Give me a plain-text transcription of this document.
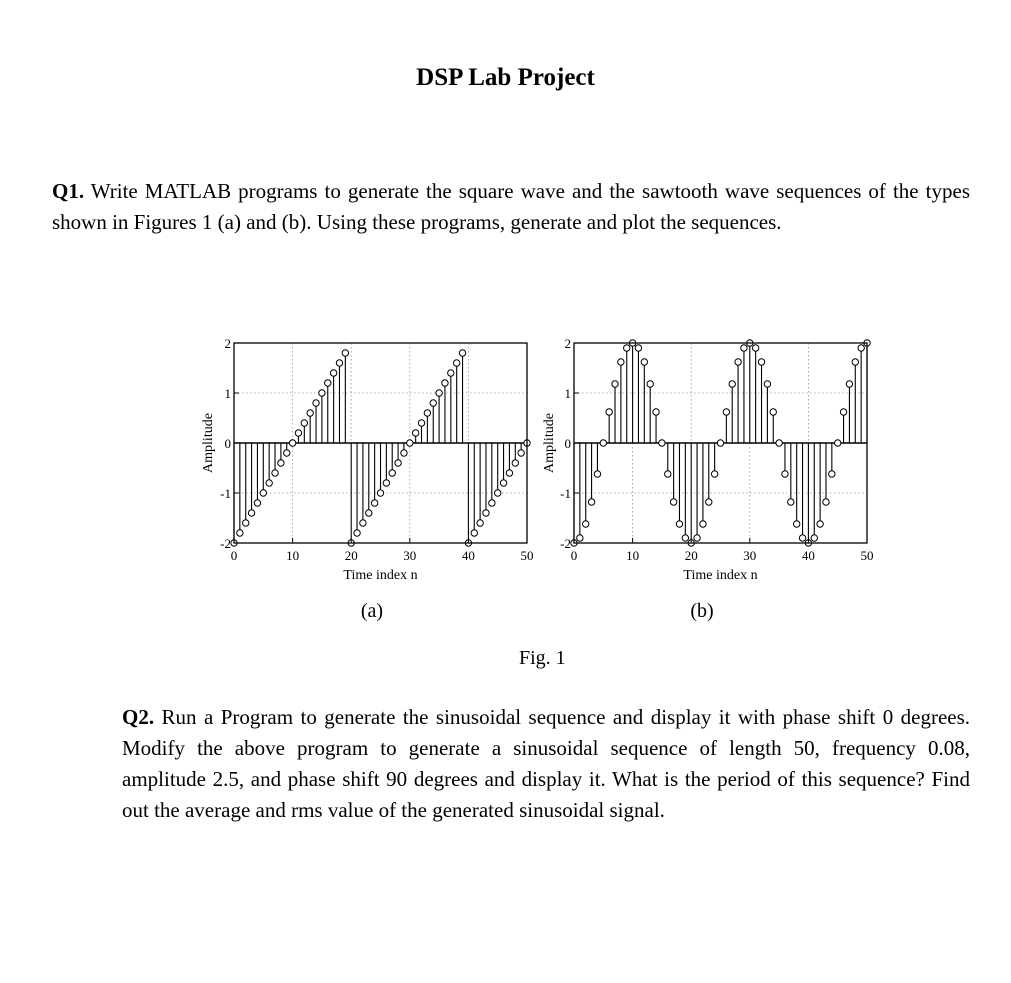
DSP Lab Project
Q1. Write MATLAB programs to generate the square wave and the sawtooth wave sequences of the types shown in Figures 1 (a) and (b). Using these programs, generate and plot the sequences.
0	10	20	30	40	50
2
1
0
-1
-2
Time index n
Amplitude
(a)
0	10	20	30	40	50
2
1
0
-1
-2
Time index n
Amplitude
(b)
Fig. 1
Q2. Run a Program to generate the sinusoidal sequence and display it with phase shift 0 degrees. Modify the above program to generate a sinusoidal sequence of length 50, frequency 0.08, amplitude 2.5, and phase shift 90 degrees and display it. What is the period of this sequence? Find out the average and rms value of the generated sinusoidal signal.
